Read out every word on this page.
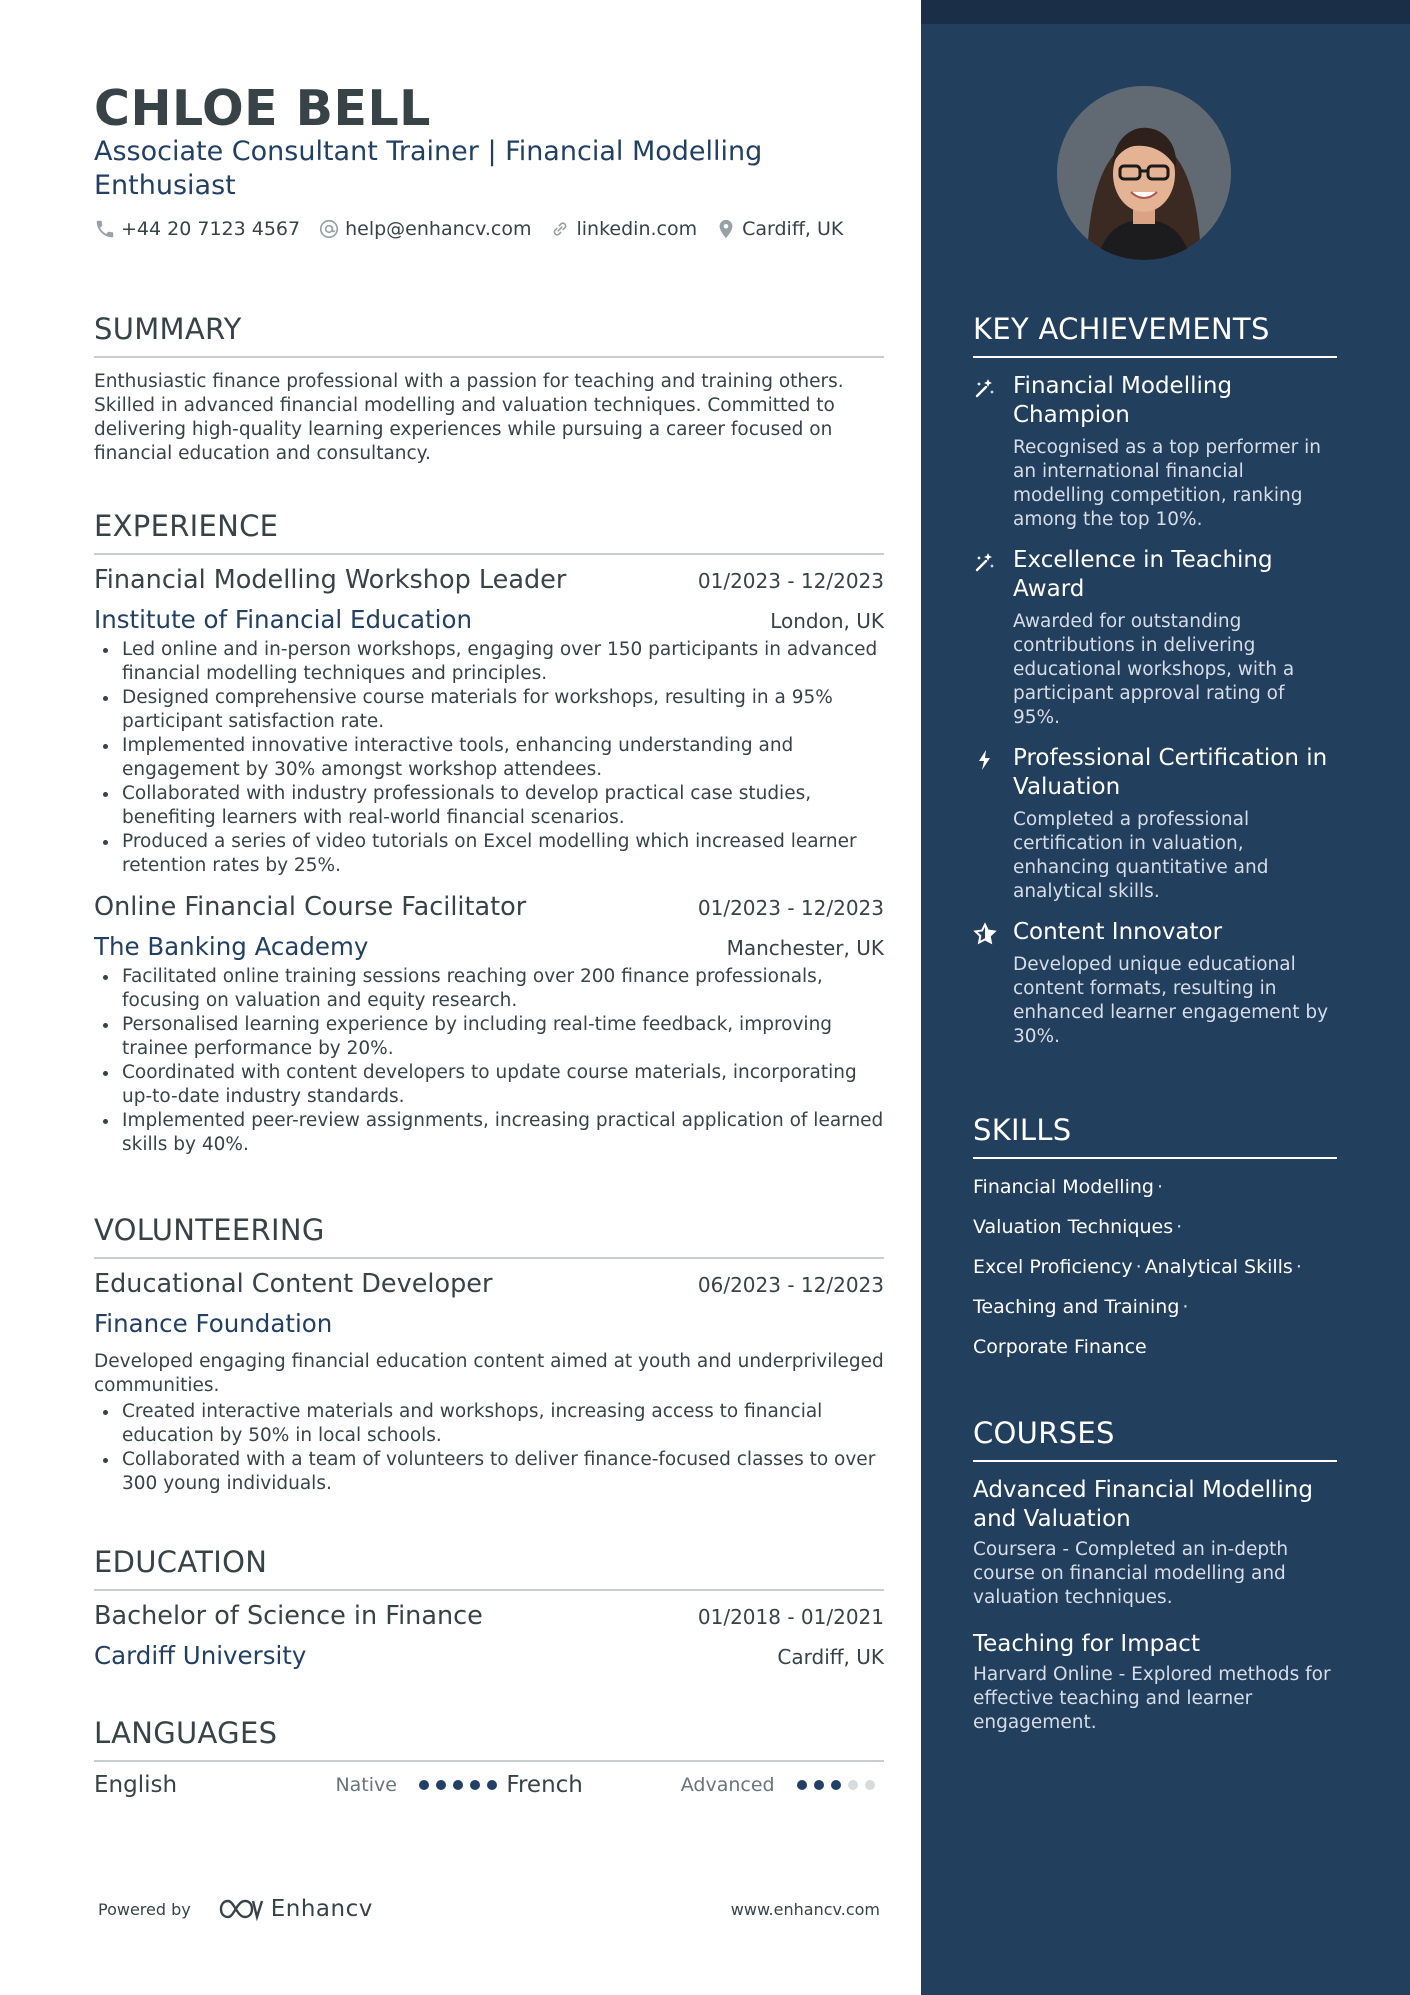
CHLOE BELL
Associate Consultant Trainer | Financial Modelling Enthusiast
+44 20 7123 4567 help@enhancv.com linkedin.com Cardiff, UK
SUMMARY
Enthusiastic finance professional with a passion for teaching and training others. Skilled in advanced financial modelling and valuation techniques. Committed to delivering high-quality learning experiences while pursuing a career focused on financial education and consultancy.
EXPERIENCE
Financial Modelling Workshop Leader	01/2023 - 12/2023
Institute of Financial Education	London, UK
Led online and in-person workshops, engaging over 150 participants in advanced financial modelling techniques and principles.
Designed comprehensive course materials for workshops, resulting in a 95% participant satisfaction rate.
Implemented innovative interactive tools, enhancing understanding and engagement by 30% amongst workshop attendees.
Collaborated with industry professionals to develop practical case studies, benefiting learners with real-world financial scenarios.
Produced a series of video tutorials on Excel modelling which increased learner retention rates by 25%.
Online Financial Course Facilitator	01/2023 - 12/2023
The Banking Academy	Manchester, UK
Facilitated online training sessions reaching over 200 finance professionals, focusing on valuation and equity research.
Personalised learning experience by including real-time feedback, improving trainee performance by 20%.
Coordinated with content developers to update course materials, incorporating up-to-date industry standards.
Implemented peer-review assignments, increasing practical application of learned skills by 40%.
VOLUNTEERING
Educational Content Developer	06/2023 - 12/2023
Finance Foundation
Developed engaging financial education content aimed at youth and underprivileged communities.
Created interactive materials and workshops, increasing access to financial education by 50% in local schools.
Collaborated with a team of volunteers to deliver finance-focused classes to over 300 young individuals.
EDUCATION
Bachelor of Science in Finance	01/2018 - 01/2021
Cardiff University	Cardiff, UK
LANGUAGES
English	Native	French	Advanced
Powered by	Enhancv	www.enhancv.com
KEY ACHIEVEMENTS
Financial Modelling Champion
Recognised as a top performer in an international financial modelling competition, ranking among the top 10%.
Excellence in Teaching Award
Awarded for outstanding contributions in delivering educational workshops, with a participant approval rating of 95%.
Professional Certification in Valuation
Completed a professional certification in valuation, enhancing quantitative and analytical skills.
Content Innovator
Developed unique educational content formats, resulting in enhanced learner engagement by 30%.
SKILLS
Financial Modelling ·
Valuation Techniques ·
Excel Proficiency · Analytical Skills ·
Teaching and Training ·
Corporate Finance
COURSES
Advanced Financial Modelling and Valuation
Coursera - Completed an in-depth course on financial modelling and valuation techniques.
Teaching for Impact
Harvard Online - Explored methods for effective teaching and learner engagement.
